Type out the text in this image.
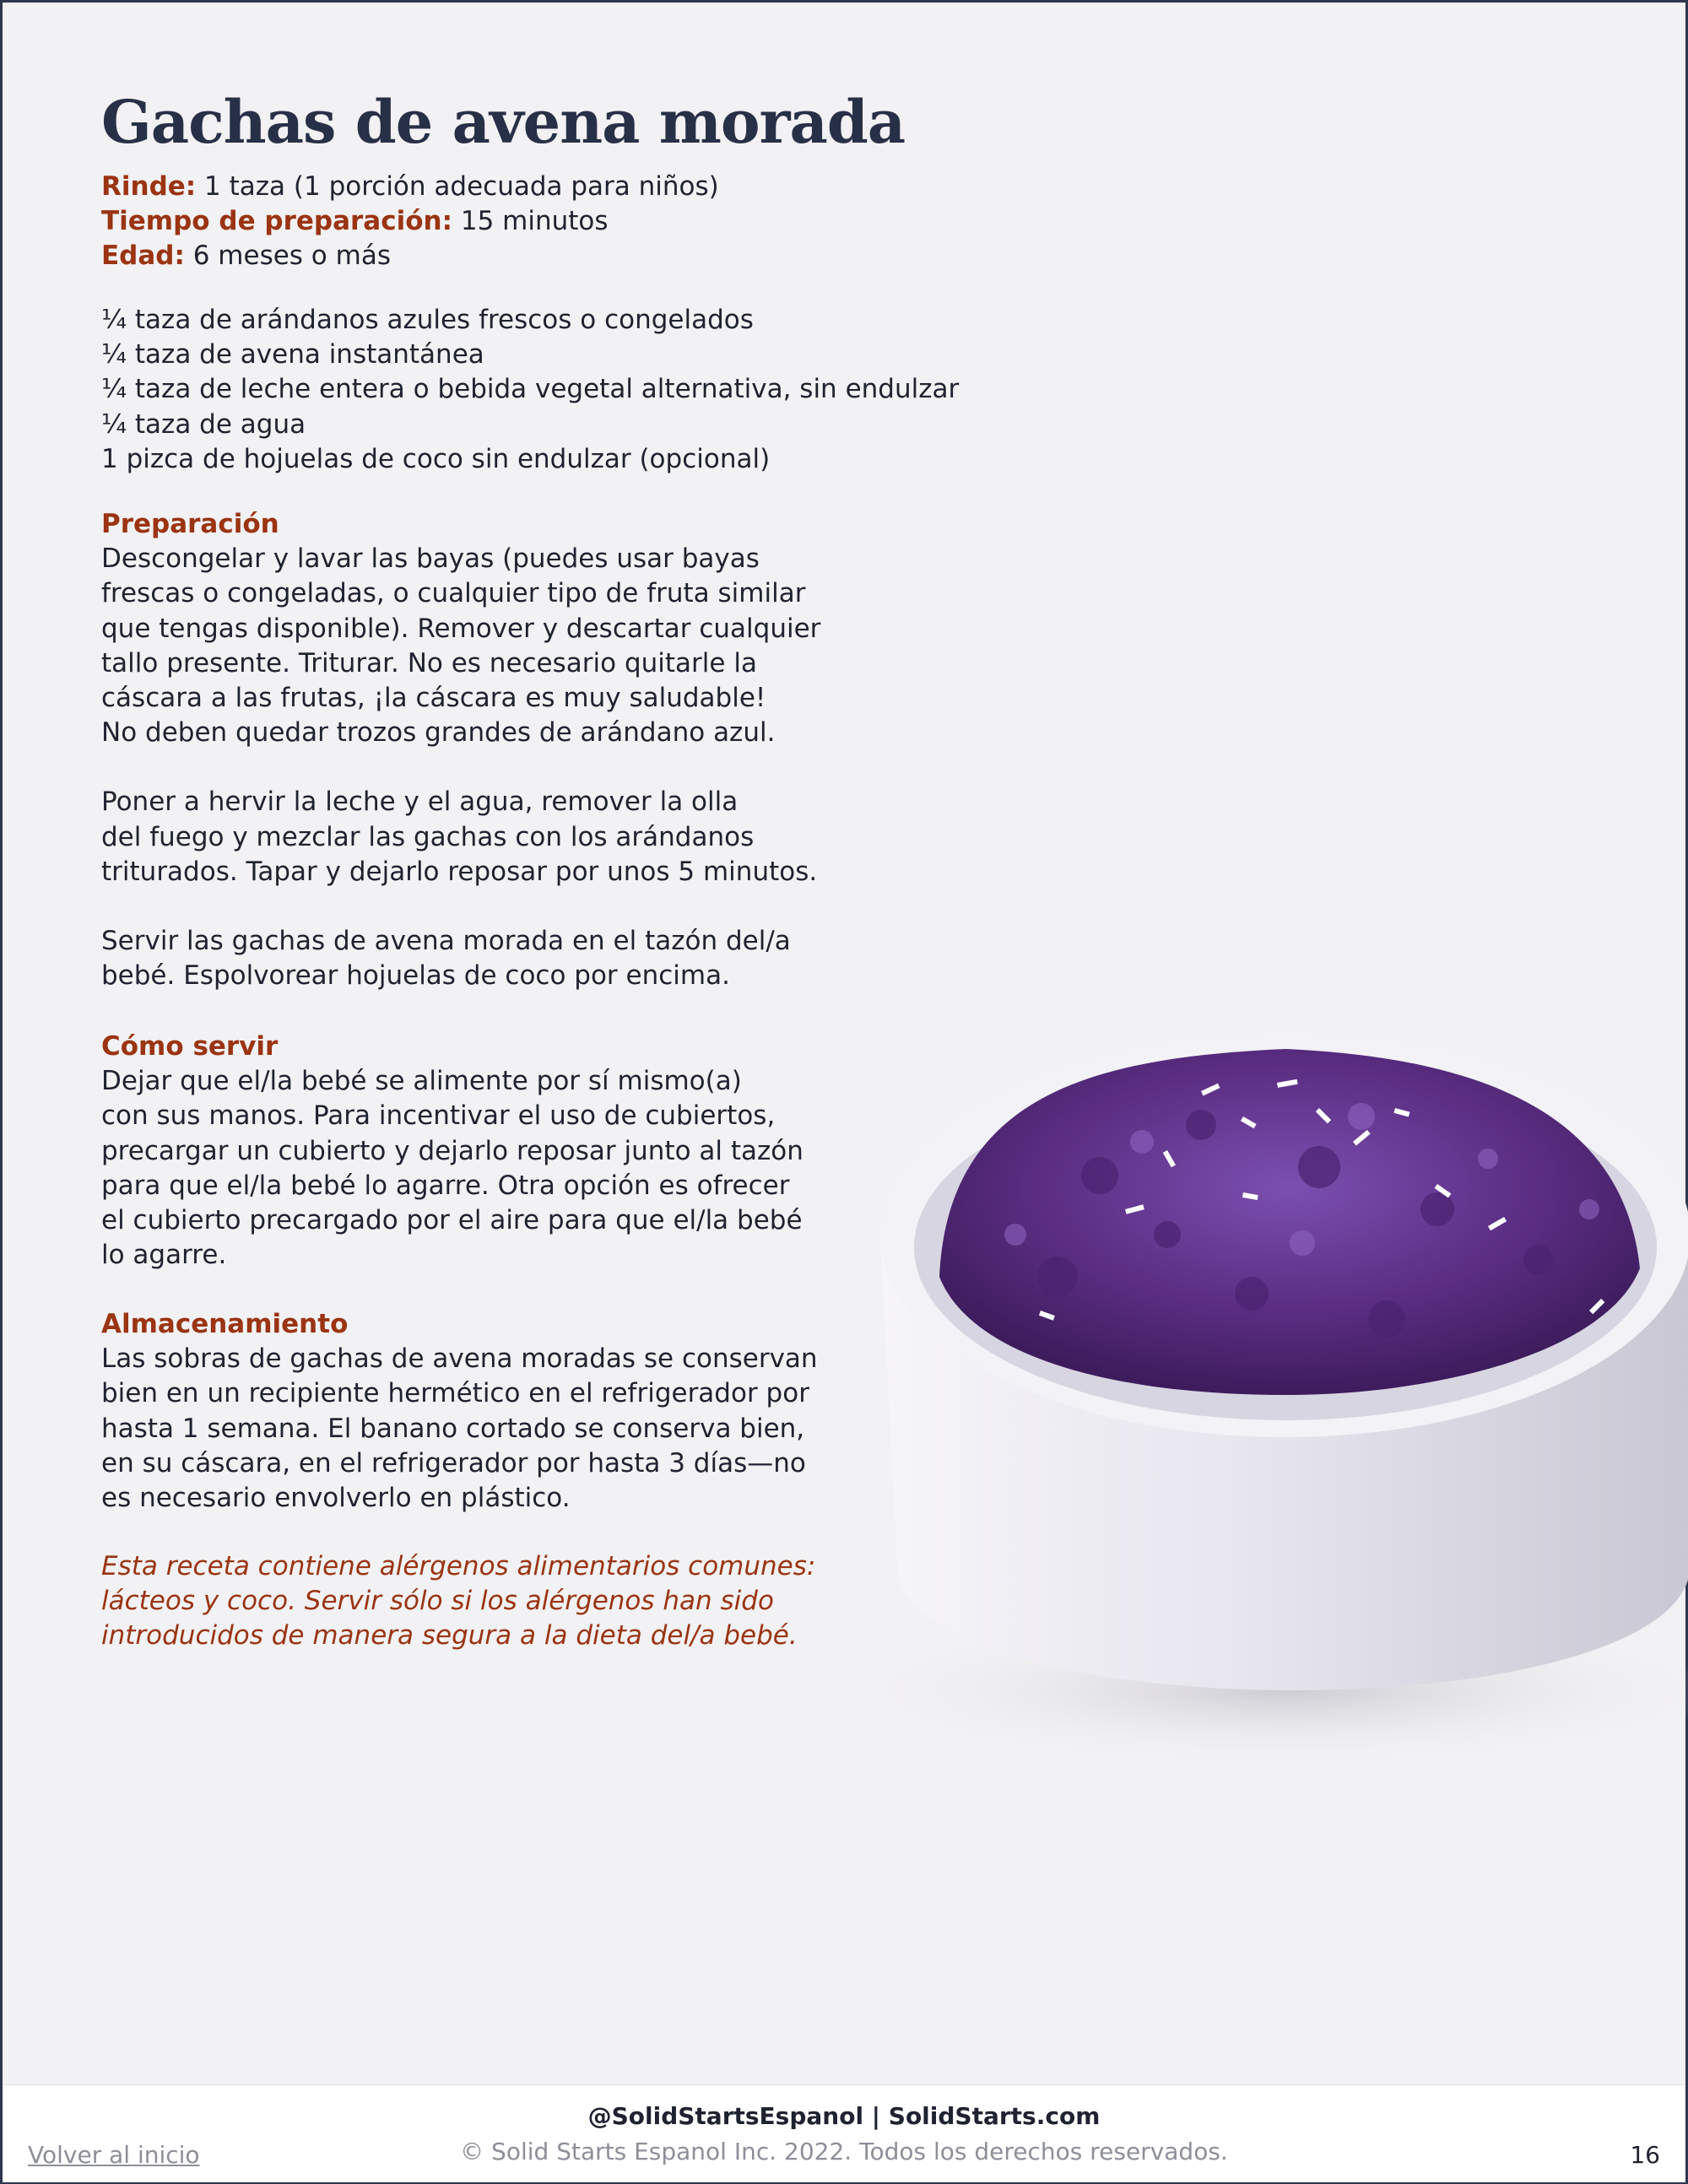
Gachas de avena morada
Rinde: 1 taza (1 porción adecuada para niños)
Tiempo de preparación: 15 minutos
Edad: 6 meses o más
¼ taza de arándanos azules frescos o congelados
¼ taza de avena instantánea
¼ taza de leche entera o bebida vegetal alternativa, sin endulzar
¼ taza de agua
1 pizca de hojuelas de coco sin endulzar (opcional)
Preparación
Descongelar y lavar las bayas (puedes usar bayas
frescas o congeladas, o cualquier tipo de fruta similar
que tengas disponible). Remover y descartar cualquier
tallo presente. Triturar. No es necesario quitarle la
cáscara a las frutas, ¡la cáscara es muy saludable!
No deben quedar trozos grandes de arándano azul.
Poner a hervir la leche y el agua, remover la olla
del fuego y mezclar las gachas con los arándanos
triturados. Tapar y dejarlo reposar por unos 5 minutos.
Servir las gachas de avena morada en el tazón del/a
bebé. Espolvorear hojuelas de coco por encima.
Cómo servir
Dejar que el/la bebé se alimente por sí mismo(a)
con sus manos. Para incentivar el uso de cubiertos,
precargar un cubierto y dejarlo reposar junto al tazón
para que el/la bebé lo agarre. Otra opción es ofrecer
el cubierto precargado por el aire para que el/la bebé
lo agarre.
Almacenamiento
Las sobras de gachas de avena moradas se conservan
bien en un recipiente hermético en el refrigerador por
hasta 1 semana. El banano cortado se conserva bien,
en su cáscara, en el refrigerador por hasta 3 días—no
es necesario envolverlo en plástico.
Esta receta contiene alérgenos alimentarios comunes:
lácteos y coco. Servir sólo si los alérgenos han sido
introducidos de manera segura a la dieta del/a bebé.
@SolidStartsEspanol | SolidStarts.com
© Solid Starts Espanol Inc. 2022. Todos los derechos reservados.
Volver al inicio	16
